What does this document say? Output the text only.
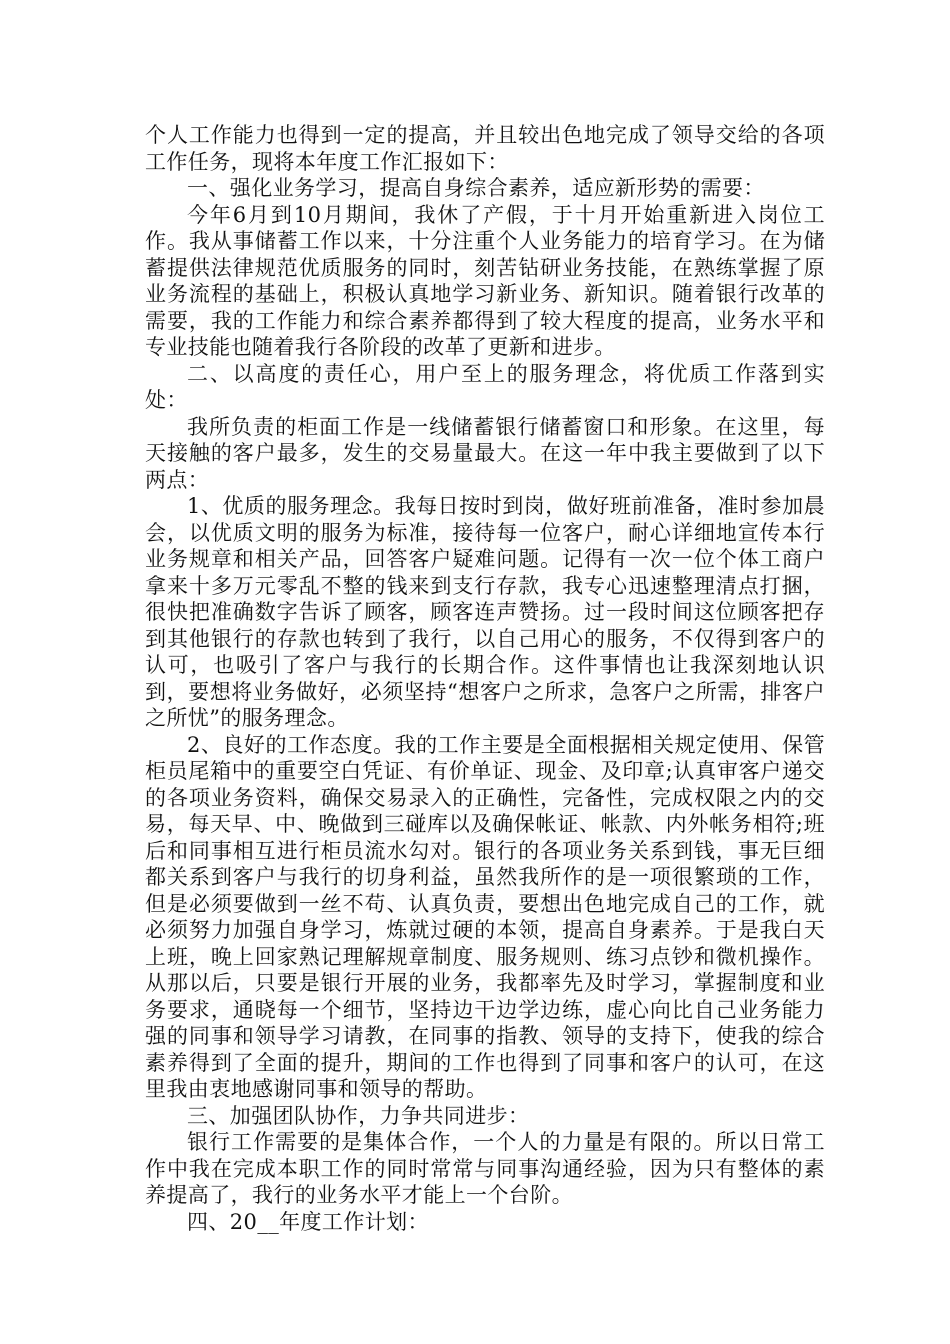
个人工作能力也得到一定的提高，并且较出色地完成了领导交给的各项工作任务，现将本年度工作汇报如下：

一、强化业务学习，提高自身综合素养，适应新形势的需要：

今年6月到10月期间，我休了产假，于十月开始重新进入岗位工作。我从事储蓄工作以来，十分注重个人业务能力的培育学习。在为储蓄提供法律规范优质服务的同时，刻苦钻研业务技能，在熟练掌握了原业务流程的基础上，积极认真地学习新业务、新知识。随着银行改革的需要，我的工作能力和综合素养都得到了较大程度的提高，业务水平和专业技能也随着我行各阶段的改革了更新和进步。

二、以高度的责任心，用户至上的服务理念，将优质工作落到实处：

我所负责的柜面工作是一线储蓄银行储蓄窗口和形象。在这里，每天接触的客户最多，发生的交易量最大。在这一年中我主要做到了以下两点：

1、优质的服务理念。我每日按时到岗，做好班前准备，准时参加晨会，以优质文明的服务为标准，接待每一位客户，耐心详细地宣传本行业务规章和相关产品，回答客户疑难问题。记得有一次一位个体工商户拿来十多万元零乱不整的钱来到支行存款，我专心迅速整理清点打捆，很快把准确数字告诉了顾客，顾客连声赞扬。过一段时间这位顾客把存到其他银行的存款也转到了我行，以自己用心的服务，不仅得到客户的认可，也吸引了客户与我行的长期合作。这件事情也让我深刻地认识到，要想将业务做好，必须坚持“想客户之所求，急客户之所需，排客户之所忧”的服务理念。

2、良好的工作态度。我的工作主要是全面根据相关规定使用、保管柜员尾箱中的重要空白凭证、有价单证、现金、及印章;认真审客户递交的各项业务资料，确保交易录入的正确性，完备性，完成权限之内的交易，每天早、中、晚做到三碰库以及确保帐证、帐款、内外帐务相符;班后和同事相互进行柜员流水勾对。银行的各项业务关系到钱，事无巨细都关系到客户与我行的切身利益，虽然我所作的是一项很繁琐的工作，但是必须要做到一丝不苟、认真负责，要想出色地完成自己的工作，就必须努力加强自身学习，炼就过硬的本领，提高自身素养。于是我白天上班，晚上回家熟记理解规章制度、服务规则、练习点钞和微机操作。从那以后，只要是银行开展的业务，我都率先及时学习，掌握制度和业务要求，通晓每一个细节，坚持边干边学边练，虚心向比自己业务能力强的同事和领导学习请教，在同事的指教、领导的支持下，使我的综合素养得到了全面的提升，期间的工作也得到了同事和客户的认可，在这里我由衷地感谢同事和领导的帮助。

三、加强团队协作，力争共同进步：

银行工作需要的是集体合作，一个人的力量是有限的。所以日常工作中我在完成本职工作的同时常常与同事沟通经验，因为只有整体的素养提高了，我行的业务水平才能上一个台阶。

四、20__年度工作计划：
